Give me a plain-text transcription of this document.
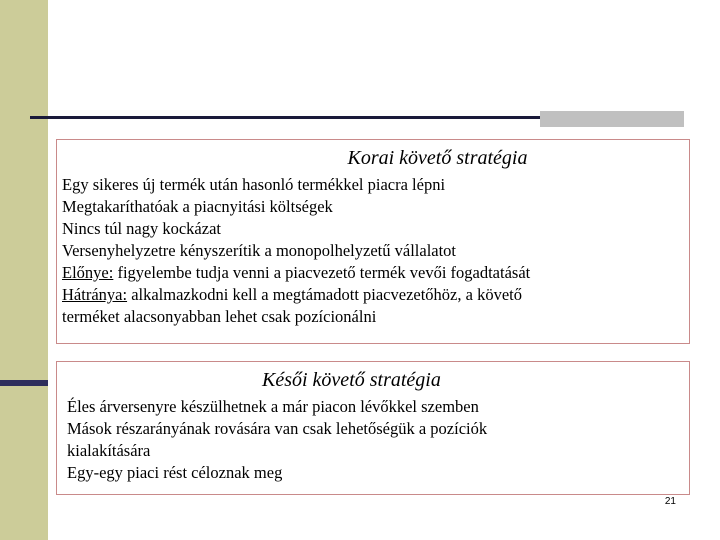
Korai követő stratégia
Egy sikeres új termék után hasonló termékkel piacra lépni
Megtakaríthatóak a piacnyitási költségek
Nincs túl nagy kockázat
Versenyhelyzetre kényszerítik a monopolhelyzetű vállalatot
Előnye: figyelembe tudja venni a piacvezető termék vevői fogadtatását
Hátránya: alkalmazkodni kell a megtámadott piacvezetőhöz, a követő
terméket alacsonyabban lehet csak pozícionálni
Késői követő stratégia
Éles árversenyre készülhetnek a már piacon lévőkkel szemben
Mások részarányának rovására van csak lehetőségük a pozíciók
kialakítására
Egy-egy piaci rést céloznak meg
21
